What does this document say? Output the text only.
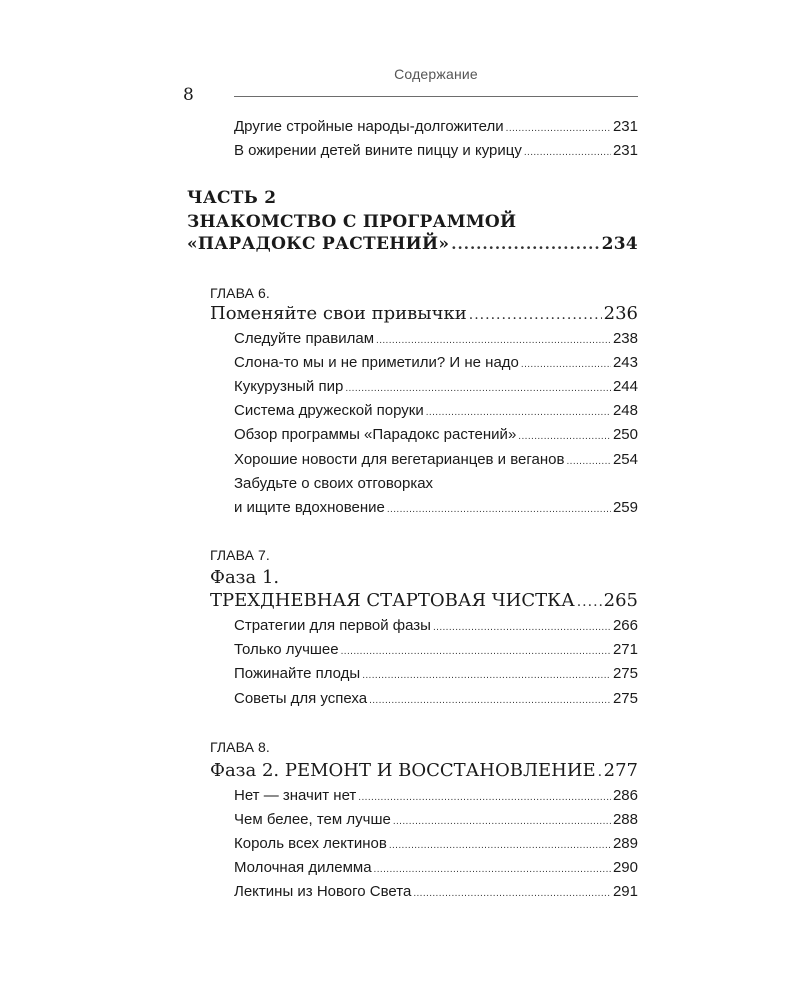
Содержание
8
Другие стройные народы-долгожители .....	231
В ожирении детей вините пиццу и курицу .....	231
ЧАСТЬ 2
ЗНАКОМСТВО С ПРОГРАММОЙ
«ПАРАДОКС РАСТЕНИЙ» .....	234
ГЛАВА 6.
Поменяйте свои привычки .....	236
Следуйте правилам .....	238
Слона-то мы и не приметили? И не надо .....	243
Кукурузный пир .....	244
Система дружеской поруки .....	248
Обзор программы «Парадокс растений» .....	250
Хорошие новости для вегетарианцев и веганов .....	254
Забудьте о своих отговорках
и ищите вдохновение .....	259
ГЛАВА 7.
Фаза 1.
ТРЕХДНЕВНАЯ СТАРТОВАЯ ЧИСТКА ..... 265
Стратегии для первой фазы .....	266
Только лучшее .....	271
Пожинайте плоды .....	275
Советы для успеха .....	275
ГЛАВА 8.
Фаза 2. РЕМОНТ И ВОССТАНОВЛЕНИЕ ..... 277
Нет — значит нет .....	286
Чем белее, тем лучше .....	288
Король всех лектинов .....	289
Молочная дилемма .....	290
Лектины из Нового Света .....	291
